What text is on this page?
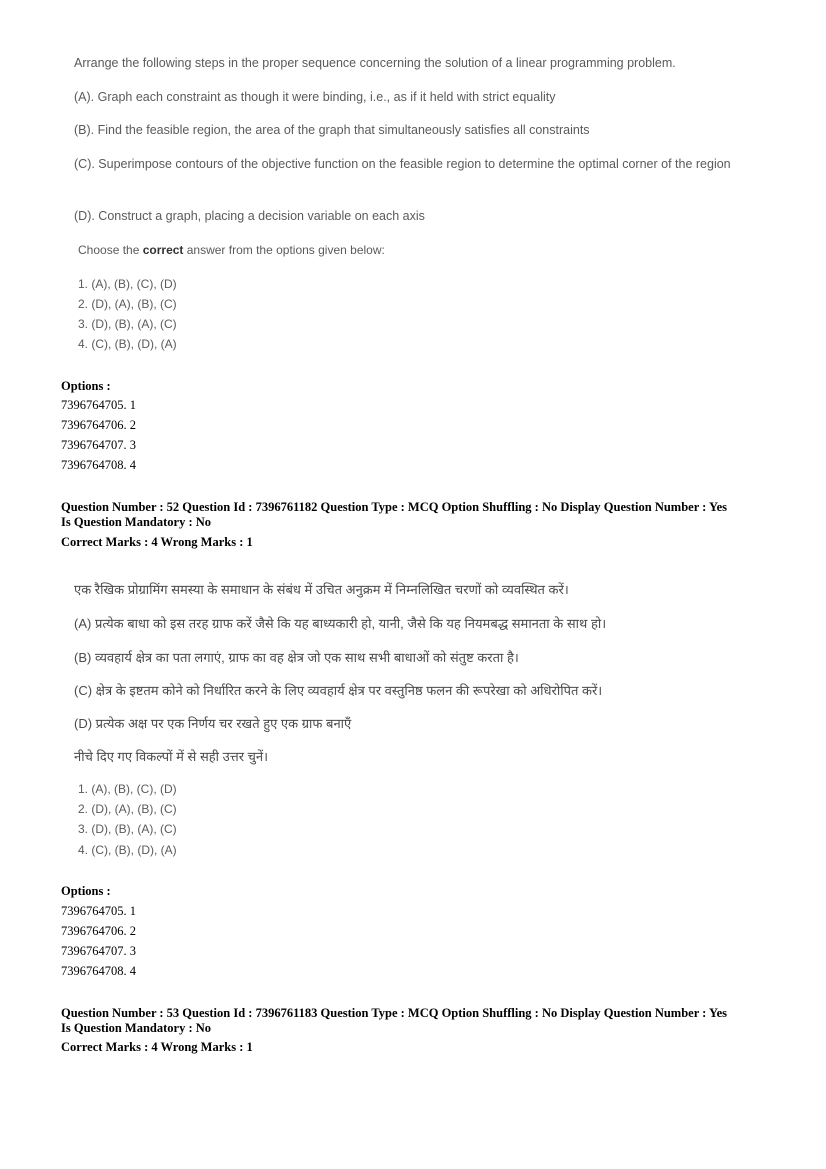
Arrange the following steps in the proper sequence concerning the solution of a linear programming problem.
(A). Graph each constraint as though it were binding, i.e., as if it held with strict equality
(B). Find the feasible region, the area of the graph that simultaneously satisfies all constraints
(C). Superimpose contours of the objective function on the feasible region to determine the optimal corner of the region
(D). Construct a graph, placing a decision variable on each axis
Choose the correct answer from the options given below:
1. (A), (B), (C), (D)
2. (D), (A), (B), (C)
3. (D), (B), (A), (C)
4. (C), (B), (D), (A)
Options :
7396764705. 1
7396764706. 2
7396764707. 3
7396764708. 4
Question Number : 52 Question Id : 7396761182 Question Type : MCQ Option Shuffling : No Display Question Number : Yes
Is Question Mandatory : No
Correct Marks : 4 Wrong Marks : 1
एक रैखिक प्रोग्रामिंग समस्या के समाधान के संबंध में उचित अनुक्रम में निम्नलिखित चरणों को व्यवस्थित करें।
(A) प्रत्येक बाधा को इस तरह ग्राफ करें जैसे कि यह बाध्यकारी हो, यानी, जैसे कि यह नियमबद्ध समानता के साथ हो।
(B) व्यवहार्य क्षेत्र का पता लगाएं, ग्राफ का वह क्षेत्र जो एक साथ सभी बाधाओं को संतुष्ट करता है।
(C) क्षेत्र के इष्टतम कोने को निर्धारित करने के लिए व्यवहार्य क्षेत्र पर वस्तुनिष्ठ फलन की रूपरेखा को अधिरोपित करें।
(D) प्रत्येक अक्ष पर एक निर्णय चर रखते हुए एक ग्राफ बनाएँ
नीचे दिए गए विकल्पों में से सही उत्तर चुनें।
1. (A), (B), (C), (D)
2. (D), (A), (B), (C)
3. (D), (B), (A), (C)
4. (C), (B), (D), (A)
Options :
7396764705. 1
7396764706. 2
7396764707. 3
7396764708. 4
Question Number : 53 Question Id : 7396761183 Question Type : MCQ Option Shuffling : No Display Question Number : Yes
Is Question Mandatory : No
Correct Marks : 4 Wrong Marks : 1
